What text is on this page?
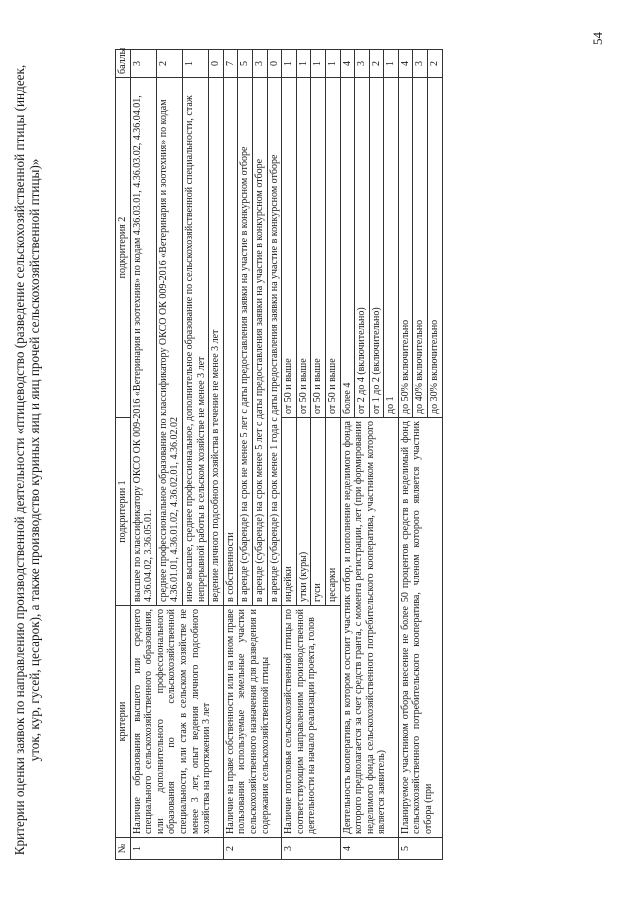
Критерии оценки заявок по направлению производственной деятельности «птицеводство (разведение сельскохозяйственной птицы (индеек, уток, кур, гусей, цесарок), а также производство куриных яиц и яиц прочей сельскохозяйственной птицы)»
№	критерии	подкритерии 1	подкритерия 2	баллы
1	Наличие образования высшего или среднего специального сельскохозяйственного образования, или дополнительного профессионального образования по сельскохозяйственной специальности, или стаж в сельском хозяйстве не менее 3 лет, опыт ведения личного подсобного хозяйства на протяжении 3 лет	высшее по классификатору ОКСО ОК 009-2016 «Ветеринария и зоотехния» по кодам 4.36.03.01, 4.36.03.02, 4.36.04.01, 4.36.04.02, 3.36.05.01.		3
		среднее профессиональное образование по классификатору ОКСО ОК 009-2016 «Ветеринария и зоотехния» по кодам 4.36.01.01, 4.36.01.02, 4.36.02.01, 4.36.02.02		2
		иное высшее, среднее профессиональное, дополнительное образование по сельскохозяйственной специальности, стаж непрерывной работы в сельском хозяйстве не менее 3 лет		1
		ведение личного подсобного хозяйства в течение не менее 3 лет		0
2	Наличие на праве собственности или на ином праве пользования используемые земельные участки сельскохозяйственного назначения для разведения и содержания сельскохозяйственной птицы	в собственности		7
		в аренде (субаренде) на срок не менее 5 лет с даты предоставления заявки на участие в конкурсном отборе		5
		в аренде (субаренде) на срок менее 5 лет с даты предоставления заявки на участие в конкурсном отборе		3
		в аренде (субаренде) на срок менее 1 года с даты предоставления заявки на участие в конкурсном отборе		0
3	Наличие поголовья сельскохозяйственной птицы по соответствующим направлениям производственной деятельности на начало реализации проекта, голов	индейки	от 50 и выше	1
		утки (куры)	от 50 и выше	1
		гуси	от 50 и выше	1
		цесарки	от 50 и выше	1
4	Деятельность кооператива, в котором состоит участник отбор, и пополнение неделимого фонда которого предполагается за счет средств гранта, с момента регистрации, лет (при формировании неделимого фонда сельскохозяйственного потребительского кооператива, участником которого является заявитель)		более 4	4
			от 2 до 4 (включительно)	3
			от 1 до 2 (включительно)	2
			до 1	1
5	Планируемое участником отбора внесение не более 50 процентов средств в неделимый фонд сельскохозяйственного потребительского кооператива, членом которого является участник отбора (при		до 50% включительно	4
			до 40% включительно	3
			до 30% включительно	2
54
